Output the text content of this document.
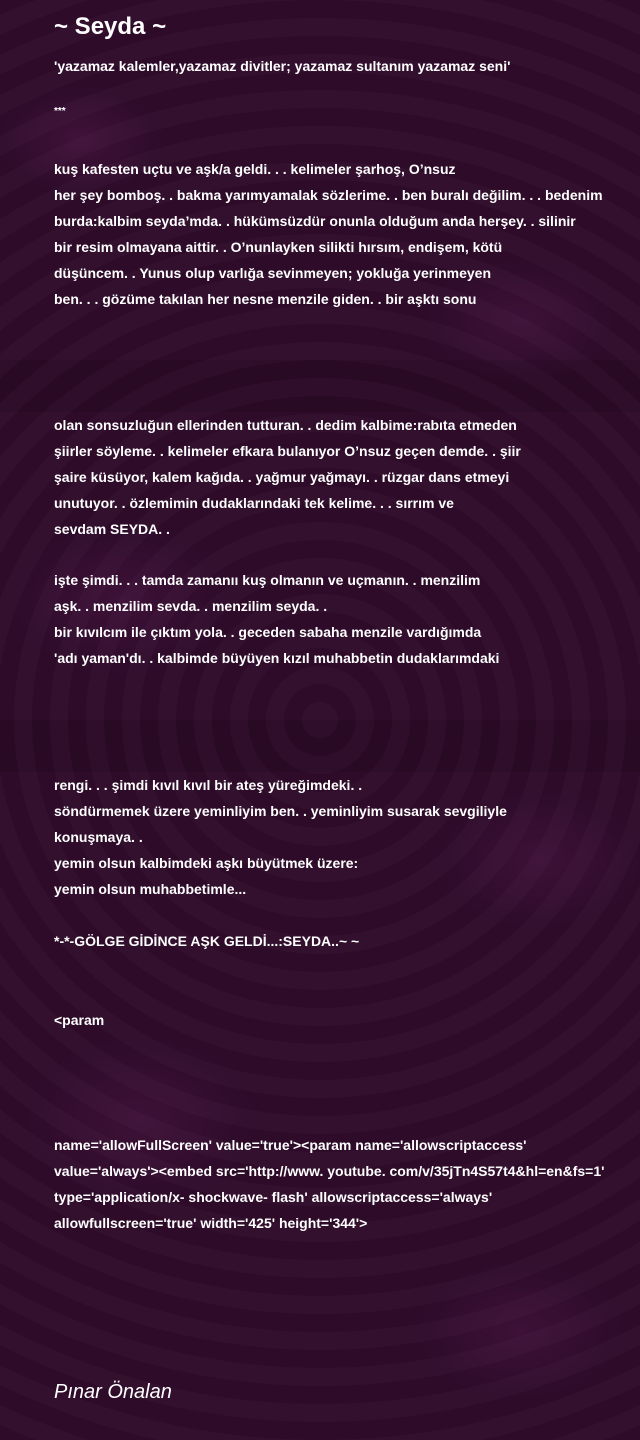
~ Seyda ~
'yazamaz kalemler,yazamaz divitler; yazamaz sultanım yazamaz seni'
***
kuş kafesten uçtu ve aşk/a geldi. . . kelimeler şarhoş, O’nsuz
her şey bomboş. . bakma yarımyamalak sözlerime. . ben buralı değilim. . . bedenim
burda:kalbim seyda’mda. . hükümsüzdür onunla olduğum anda herşey. . silinir
bir resim olmayana aittir. . O’nunlayken silikti hırsım, endişem, kötü
düşüncem. . Yunus olup varlığa sevinmeyen; yokluğa yerinmeyen
ben. . . gözüme takılan her nesne menzile giden. . bir aşktı sonu
olan sonsuzluğun ellerinden tutturan. . dedim kalbime:rabıta etmeden
şiirler söyleme. . kelimeler efkara bulanıyor O’nsuz geçen demde. . şiir
şaire küsüyor, kalem kağıda. . yağmur yağmayı. . rüzgar dans etmeyi
unutuyor. . özlemimin dudaklarındaki tek kelime. . . sırrım ve
sevdam SEYDA. .
işte şimdi. . . tamda zamanıı kuş olmanın ve uçmanın. . menzilim
aşk. . menzilim sevda. . menzilim seyda. .
bir kıvılcım ile çıktım yola. . geceden sabaha menzile vardığımda
'adı yaman'dı. . kalbimde büyüyen kızıl muhabbetin dudaklarımdaki
rengi. . . şimdi kıvıl kıvıl bir ateş yüreğimdeki. .
söndürmemek üzere yeminliyim ben. . yeminliyim susarak sevgiliyle
konuşmaya. .
yemin olsun kalbimdeki aşkı büyütmek üzere:
yemin olsun muhabbetimle...
*-*-GÖLGE GİDİNCE AŞK GELDİ...:SEYDA..~ ~
<param
name='allowFullScreen' value='true'><param name='allowscriptaccess'
value='always'><embed src='http://www. youtube. com/v/35jTn4S57t4&hl=en&fs=1'
type='application/x- shockwave- flash' allowscriptaccess='always'
allowfullscreen='true' width='425' height='344'>
Pınar Önalan
